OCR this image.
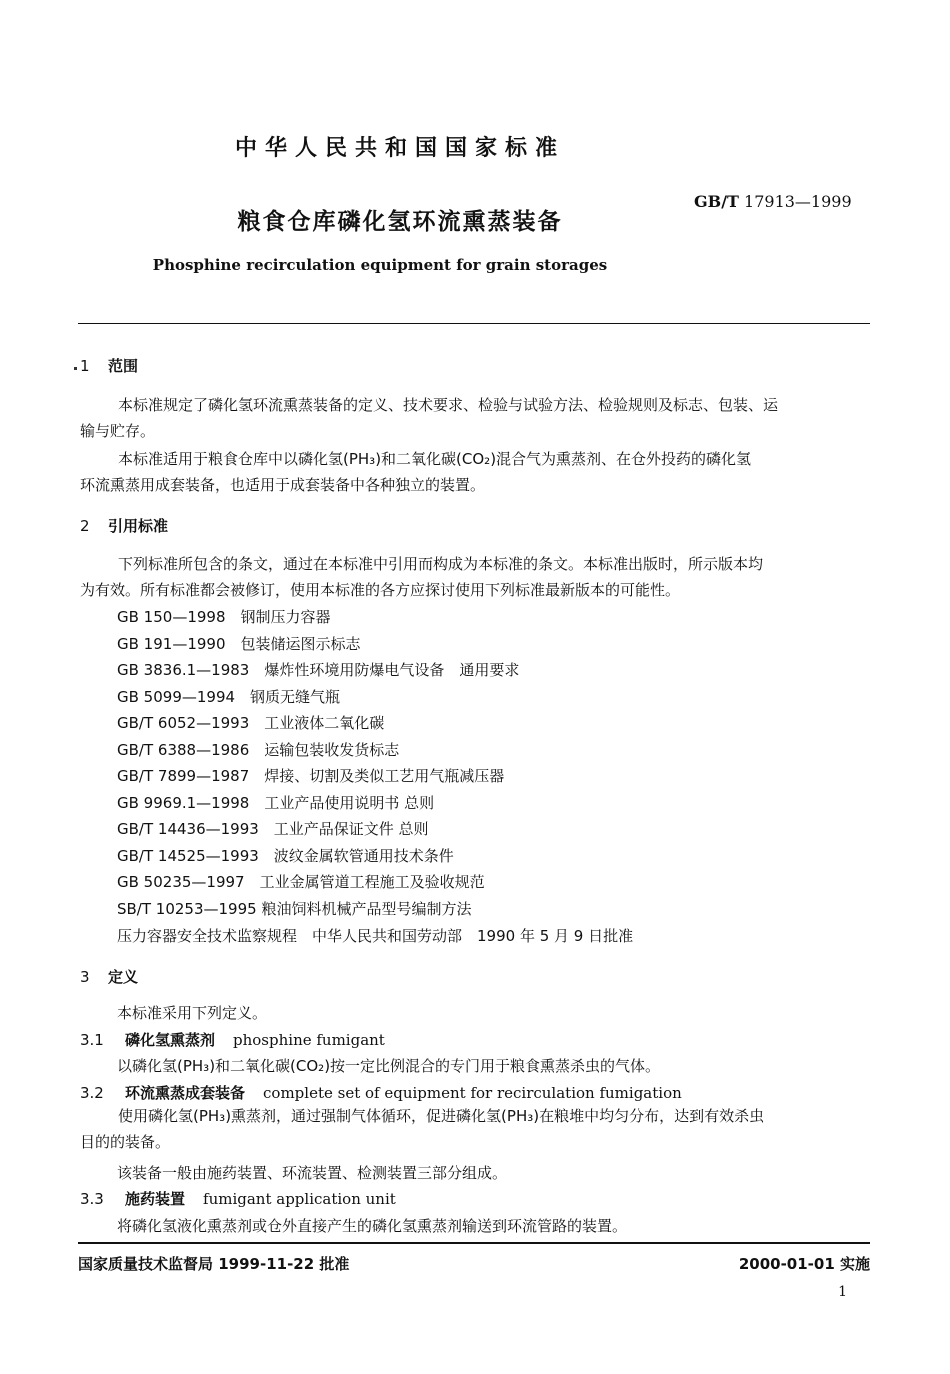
中华人民共和国国家标准
GB/T 17913—1999
粮食仓库磷化氢环流熏蒸装备
Phosphine recirculation equipment for grain storages
1 范围
本标准规定了磷化氢环流熏蒸装备的定义、技术要求、检验与试验方法、检验规则及标志、包装、运
输与贮存。
本标准适用于粮食仓库中以磷化氢(PH₃)和二氧化碳(CO₂)混合气为熏蒸剂、在仓外投药的磷化氢
环流熏蒸用成套装备，也适用于成套装备中各种独立的装置。
2 引用标准
下列标准所包含的条文，通过在本标准中引用而构成为本标准的条文。本标准出版时，所示版本均
为有效。所有标准都会被修订，使用本标准的各方应探讨使用下列标准最新版本的可能性。
GB 150—1998　钢制压力容器
GB 191—1990　包装储运图示标志
GB 3836.1—1983　爆炸性环境用防爆电气设备　通用要求
GB 5099—1994　钢质无缝气瓶
GB/T 6052—1993　工业液体二氧化碳
GB/T 6388—1986　运输包装收发货标志
GB/T 7899—1987　焊接、切割及类似工艺用气瓶减压器
GB 9969.1—1998　工业产品使用说明书 总则
GB/T 14436—1993　工业产品保证文件 总则
GB/T 14525—1993　波纹金属软管通用技术条件
GB 50235—1997　工业金属管道工程施工及验收规范
SB/T 10253—1995 粮油饲料机械产品型号编制方法
压力容器安全技术监察规程　中华人民共和国劳动部　1990 年 5 月 9 日批准
3 定义
本标准采用下列定义。
3.1 磷化氢熏蒸剂 phosphine fumigant
以磷化氢(PH₃)和二氧化碳(CO₂)按一定比例混合的专门用于粮食熏蒸杀虫的气体。
3.2 环流熏蒸成套装备 complete set of equipment for recirculation fumigation
使用磷化氢(PH₃)熏蒸剂，通过强制气体循环，促进磷化氢(PH₃)在粮堆中均匀分布，达到有效杀虫
目的的装备。
该装备一般由施药装置、环流装置、检测装置三部分组成。
3.3 施药装置 fumigant application unit
将磷化氢液化熏蒸剂或仓外直接产生的磷化氢熏蒸剂输送到环流管路的装置。
国家质量技术监督局 1999-11-22 批准	2000-01-01 实施
1
